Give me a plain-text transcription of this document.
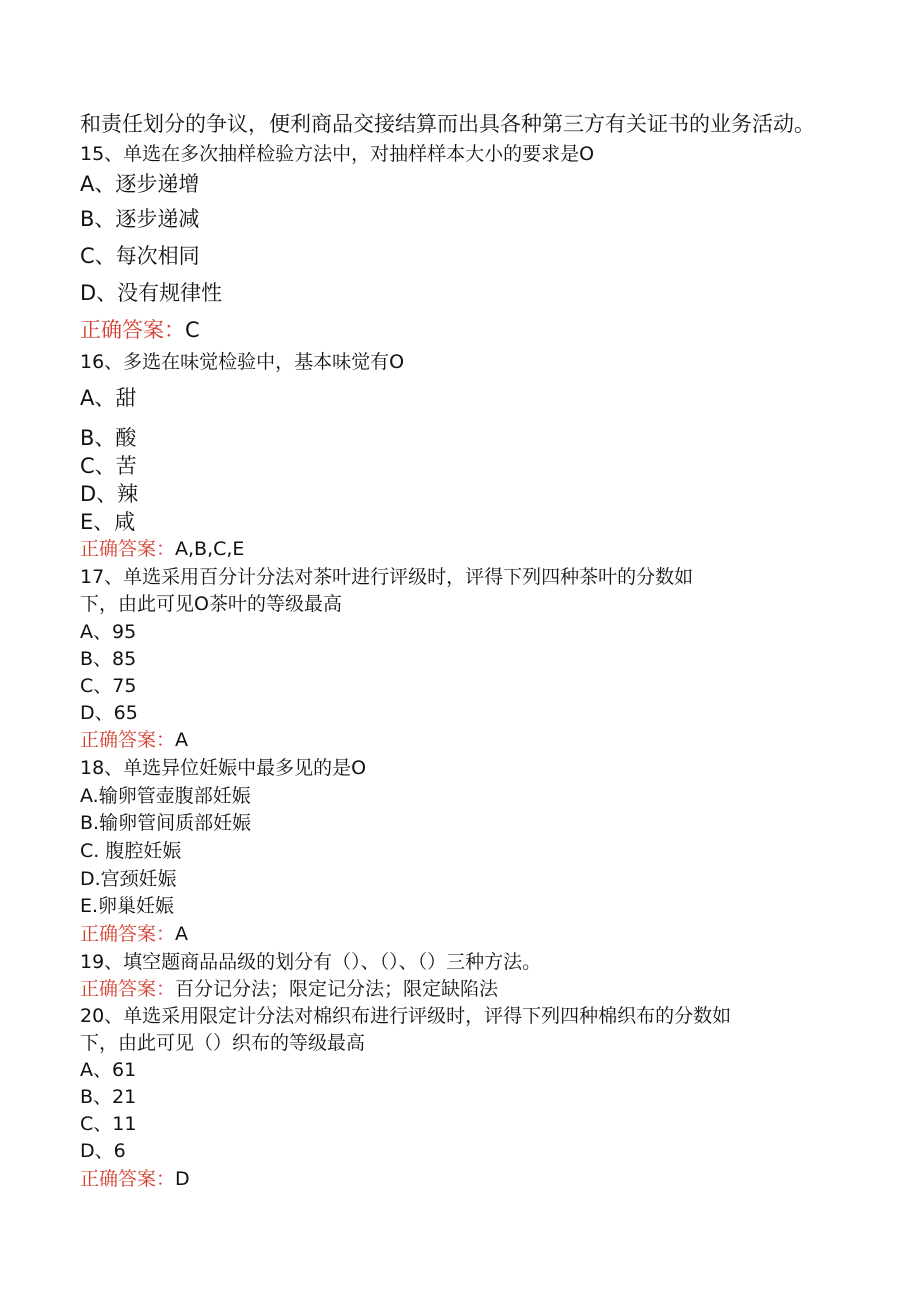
和责任划分的争议，便利商品交接结算而出具各种第三方有关证书的业务活动。
15、单选在多次抽样检验方法中，对抽样样本大小的要求是O
A、逐步递增
B、逐步递减
C、每次相同
D、没有规律性
正确答案：C
16、多选在味觉检验中，基本味觉有O
A、甜
B、酸
C、苦
D、辣
E、咸
正确答案：A,B,C,E
17、单选采用百分计分法对茶叶进行评级时，评得下列四种茶叶的分数如
下，由此可见O茶叶的等级最高
A、95
B、85
C、75
D、65
正确答案：A
18、单选异位妊娠中最多见的是O
A.输卵管壶腹部妊娠
B.输卵管间质部妊娠
C. 腹腔妊娠
D.宫颈妊娠
E.卵巢妊娠
正确答案：A
19、填空题商品品级的划分有（）、（）、（）三种方法。
正确答案：百分记分法；限定记分法；限定缺陷法
20、单选采用限定计分法对棉织布进行评级时，评得下列四种棉织布的分数如
下，由此可见（）织布的等级最高
A、61
B、21
C、11
D、6
正确答案：D
